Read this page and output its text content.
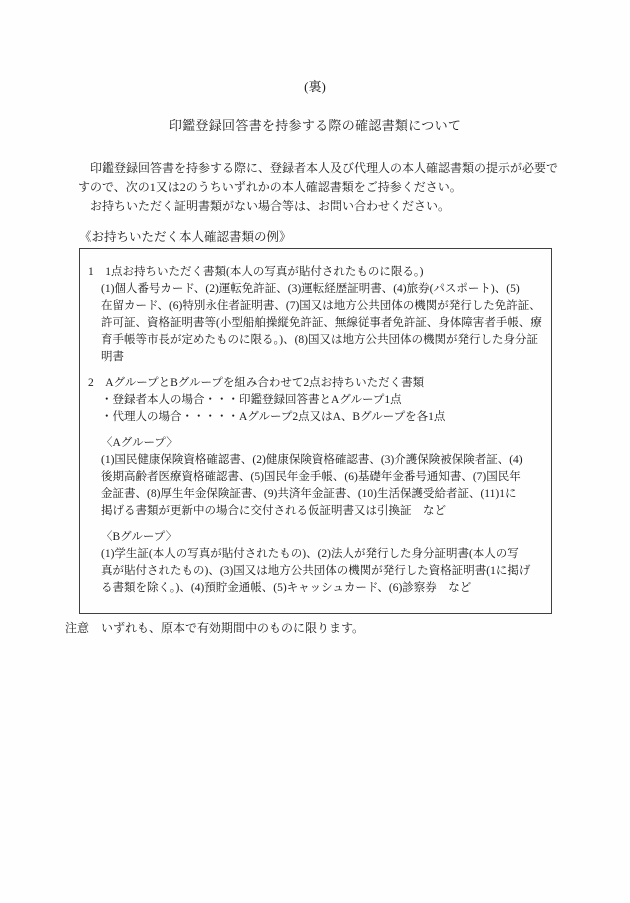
(裏)
印鑑登録回答書を持参する際の確認書類について
　印鑑登録回答書を持参する際に、登録者本人及び代理人の本人確認書類の提示が必要で
すので、次の1又は2のうちいずれかの本人確認書類をご持参ください。
　お持ちいただく証明書類がない場合等は、お問い合わせください。
《お持ちいただく本人確認書類の例》
1　1点お持ちいただく書類(本人の写真が貼付されたものに限る。)
(1)個人番号カード、(2)運転免許証、(3)運転経歴証明書、(4)旅券(パスポート)、(5)
在留カード、(6)特別永住者証明書、(7)国又は地方公共団体の機関が発行した免許証、
許可証、資格証明書等(小型船舶操縦免許証、無線従事者免許証、身体障害者手帳、療
育手帳等市長が定めたものに限る。)、(8)国又は地方公共団体の機関が発行した身分証
明書
2　AグループとBグループを組み合わせて2点お持ちいただく書類
・登録者本人の場合・・・印鑑登録回答書とAグループ1点
・代理人の場合・・・・・Aグループ2点又はA、Bグループを各1点
〈Aグループ〉
(1)国民健康保険資格確認書、(2)健康保険資格確認書、(3)介護保険被保険者証、(4)
後期高齢者医療資格確認書、(5)国民年金手帳、(6)基礎年金番号通知書、(7)国民年
金証書、(8)厚生年金保険証書、(9)共済年金証書、(10)生活保護受給者証、(11)1に
掲げる書類が更新中の場合に交付される仮証明書又は引換証　など
〈Bグループ〉
(1)学生証(本人の写真が貼付されたもの)、(2)法人が発行した身分証明書(本人の写
真が貼付されたもの)、(3)国又は地方公共団体の機関が発行した資格証明書(1に掲げ
る書類を除く。)、(4)預貯金通帳、(5)キャッシュカード、(6)診察券　など
注意　いずれも、原本で有効期間中のものに限ります。
